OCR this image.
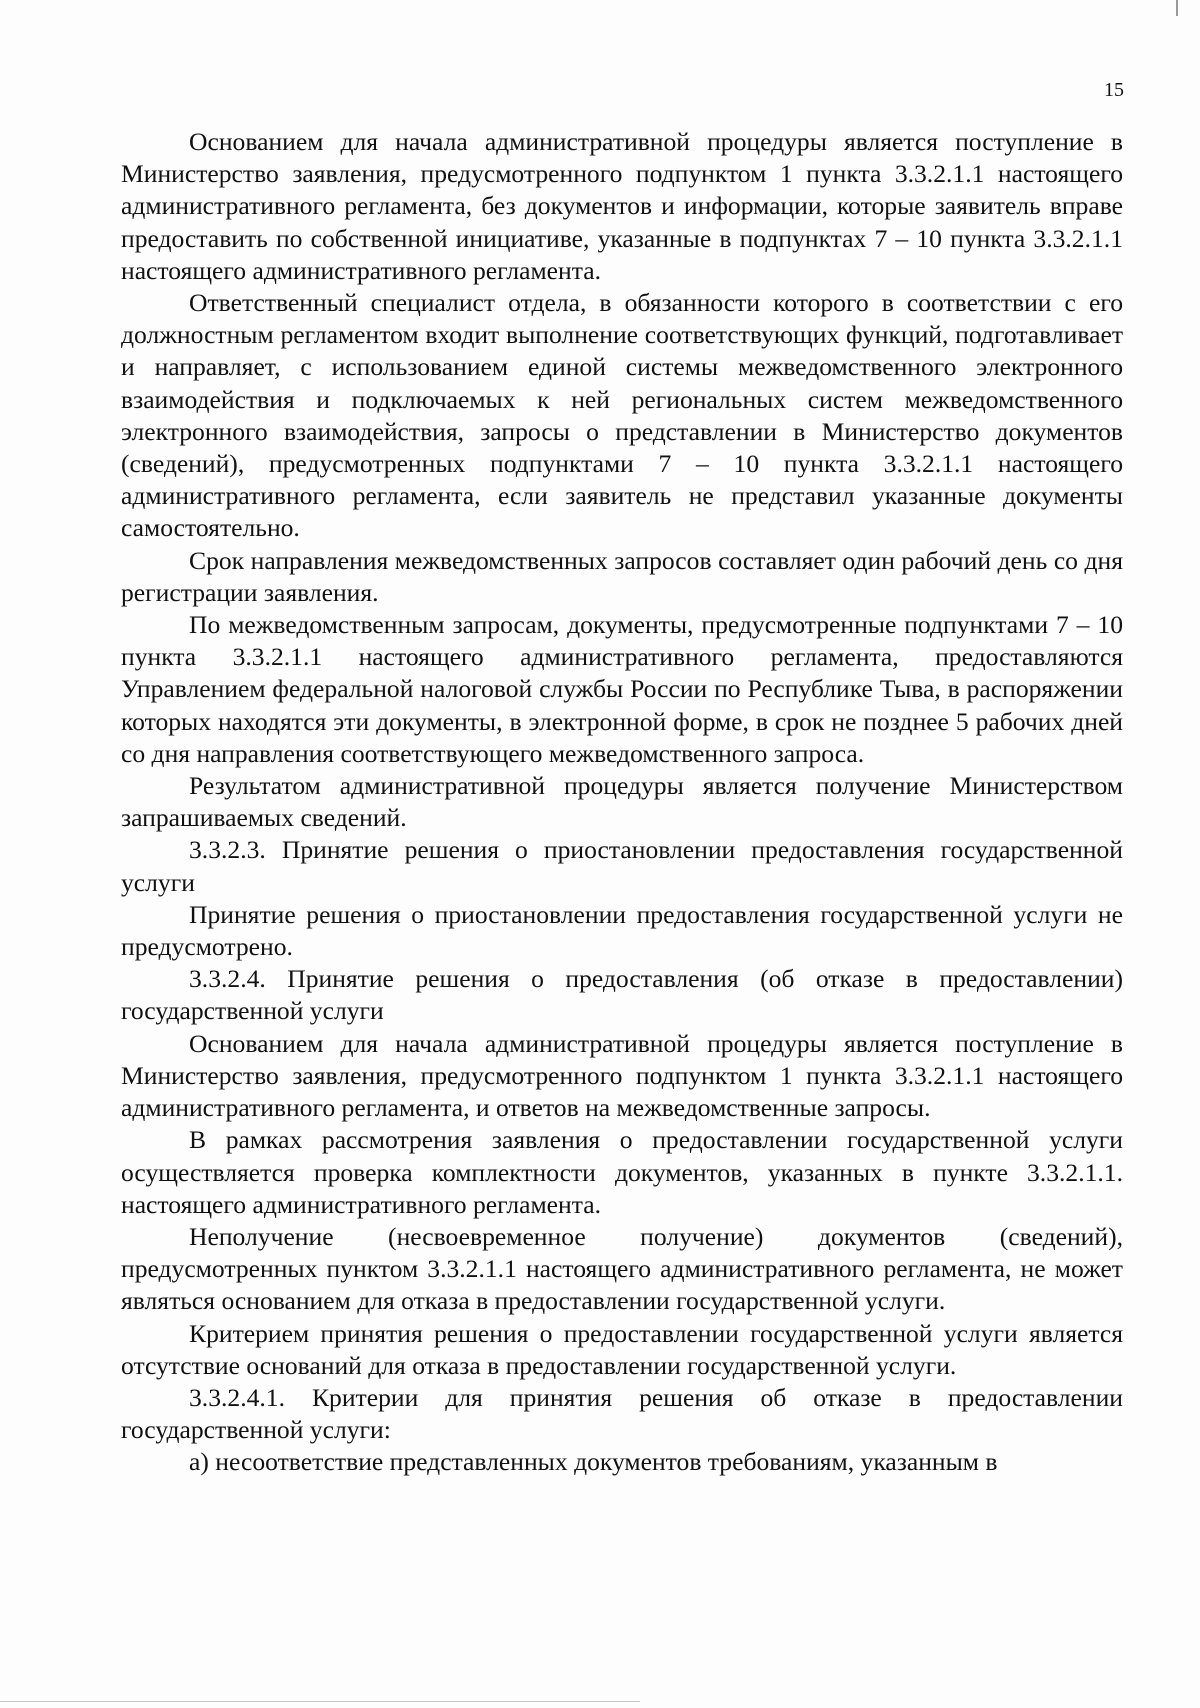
15

Основанием для начала административной процедуры является поступление в Министерство заявления, предусмотренного подпунктом 1 пункта 3.3.2.1.1 настоящего административного регламента, без документов и информации, которые заявитель вправе предоставить по собственной инициативе, указанные в подпунктах 7 – 10 пункта 3.3.2.1.1 настоящего административного регламента.

Ответственный специалист отдела, в обязанности которого в соответствии с его должностным регламентом входит выполнение соответствующих функций, подготавливает и направляет, с использованием единой системы межведомственного электронного взаимодействия и подключаемых к ней региональных систем межведомственного электронного взаимодействия, запросы о представлении в Министерство документов (сведений), предусмотренных подпунктами 7 – 10 пункта 3.3.2.1.1 настоящего административного регламента, если заявитель не представил указанные документы самостоятельно.

Срок направления межведомственных запросов составляет один рабочий день со дня регистрации заявления.

По межведомственным запросам, документы, предусмотренные подпунктами 7 – 10 пункта 3.3.2.1.1 настоящего административного регламента, предоставляются Управлением федеральной налоговой службы России по Республике Тыва, в распоряжении которых находятся эти документы, в электронной форме, в срок не позднее 5 рабочих дней со дня направления соответствующего межведомственного запроса.

Результатом административной процедуры является получение Министерством запрашиваемых сведений.

3.3.2.3. Принятие решения о приостановлении предоставления государственной услуги

Принятие решения о приостановлении предоставления государственной услуги не предусмотрено.

3.3.2.4. Принятие решения о предоставления (об отказе в предоставлении) государственной услуги

Основанием для начала административной процедуры является поступление в Министерство заявления, предусмотренного подпунктом 1 пункта 3.3.2.1.1 настоящего административного регламента, и ответов на межведомственные запросы.

В рамках рассмотрения заявления о предоставлении государственной услуги осуществляется проверка комплектности документов, указанных в пункте 3.3.2.1.1. настоящего административного регламента.

Неполучение (несвоевременное получение) документов (сведений), предусмотренных пунктом 3.3.2.1.1 настоящего административного регламента, не может являться основанием для отказа в предоставлении государственной услуги.

Критерием принятия решения о предоставлении государственной услуги является отсутствие оснований для отказа в предоставлении государственной услуги.

3.3.2.4.1. Критерии для принятия решения об отказе в предоставлении государственной услуги:

а) несоответствие представленных документов требованиям, указанным в
